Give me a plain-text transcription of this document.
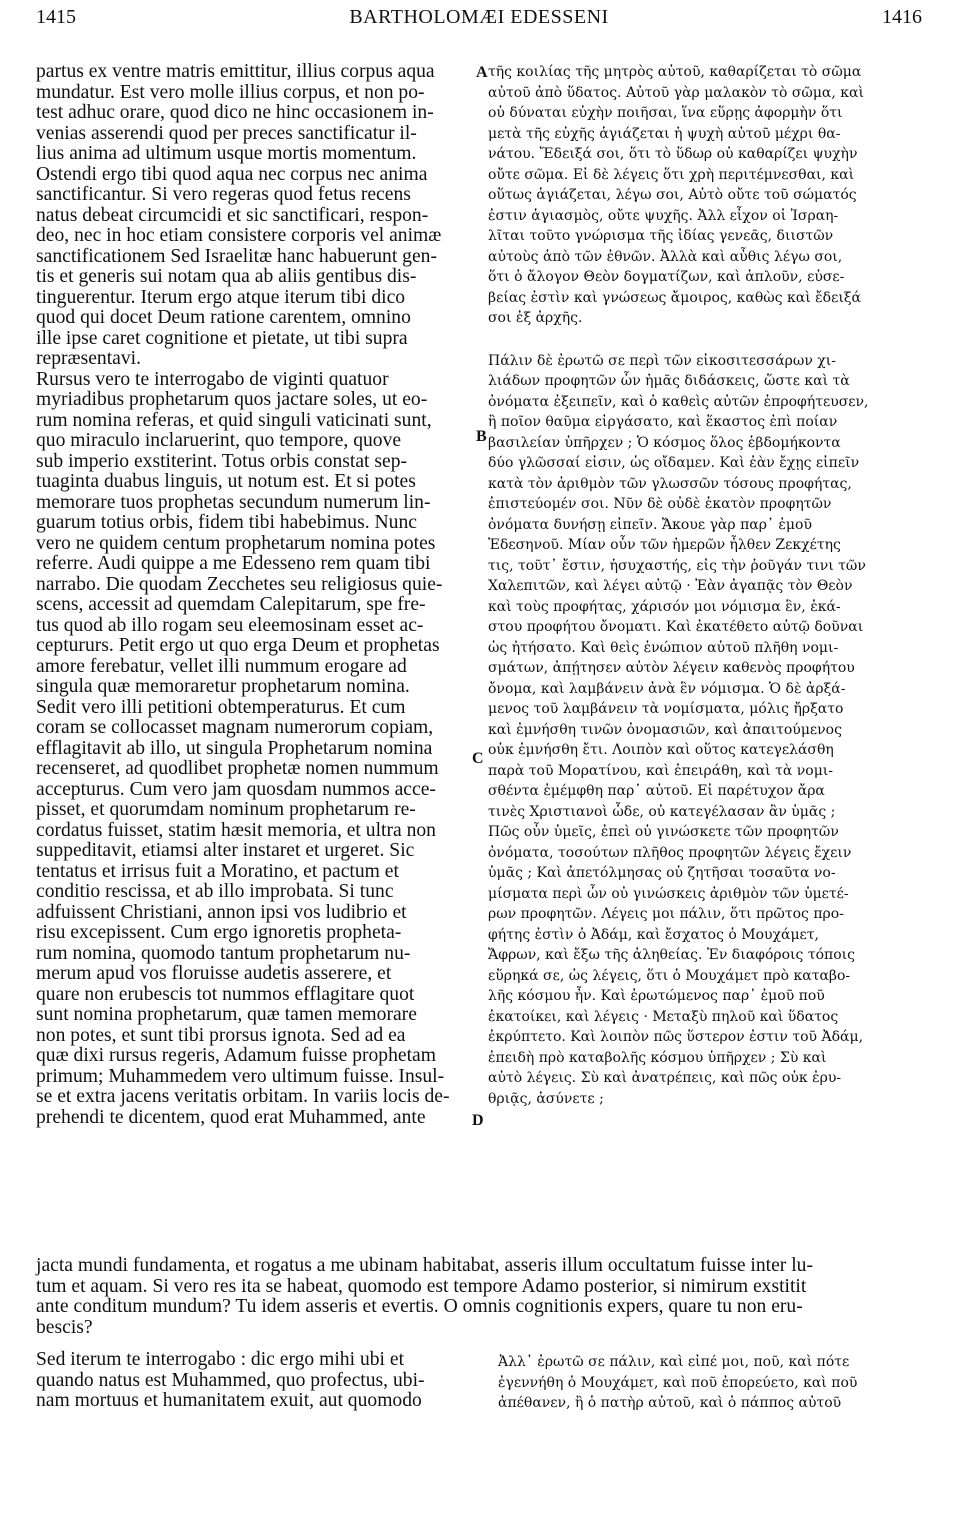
1415	BARTHOLOMÆI EDESSENI	1416

partus ex ventre matris emittitur, illius corpus aqua
mundatur. Est vero molle illius corpus, et non po-
test adhuc orare, quod dico ne hinc occasionem in-
venias asserendi quod per preces sanctificatur il-
lius anima ad ultimum usque mortis momentum.
Ostendi ergo tibi quod aqua nec corpus nec anima
sanctificantur. Si vero regeras quod fetus recens
natus debeat circumcidi et sic sanctificari, respon-
deo, nec in hoc etiam consistere corporis vel animæ
sanctificationem Sed Israelitæ hanc habuerunt gen-
tis et generis sui notam qua ab aliis gentibus dis-
tinguerentur. Iterum ergo atque iterum tibi dico
quod qui docet Deum ratione carentem, omnino
ille ipse caret cognitione et pietate, ut tibi supra
repræsentavi.

Rursus vero te interrogabo de viginti quatuor
myriadibus prophetarum quos jactare soles, ut eo-
rum nomina referas, et quid singuli vaticinati sunt,
quo miraculo inclaruerint, quo tempore, quove
sub imperio exstiterint. Totus orbis constat sep-
tuaginta duabus linguis, ut notum est. Et si potes
memorare tuos prophetas secundum numerum lin-
guarum totius orbis, fidem tibi habebimus. Nunc
vero ne quidem centum prophetarum nomina potes
referre. Audi quippe a me Edesseno rem quam tibi
narrabo. Die quodam Zecchetes seu religiosus quie-
scens, accessit ad quemdam Calepitarum, spe fre-
tus quod ab illo rogam seu eleemosinam esset ac-
ceptururs. Petit ergo ut quo erga Deum et prophetas
amore ferebatur, vellet illi nummum erogare ad
singula quæ memoraretur prophetarum nomina.
Sedit vero illi petitioni obtemperaturus. Et cum
coram se collocasset magnam numerorum copiam,
efflagitavit ab illo, ut singula Prophetarum nomina
recenseret, ad quodlibet prophetæ nomen nummum
accepturus. Cum vero jam quosdam nummos acce-
pisset, et quorumdam nominum prophetarum re-
cordatus fuisset, statim hæsit memoria, et ultra non
suppeditavit, etiamsi alter instaret et urgeret. Sic
tentatus et irrisus fuit a Moratino, et pactum et
conditio rescissa, et ab illo improbata. Si tunc
adfuissent Christiani, annon ipsi vos ludibrio et
risu excepissent. Cum ergo ignoretis propheta-
rum nomina, quomodo tantum prophetarum nu-
merum apud vos floruisse audetis asserere, et
quare non erubescis tot nummos efflagitare quot
sunt nomina prophetarum, quæ tamen memorare
non potes, et sunt tibi prorsus ignota. Sed ad ea
quæ dixi rursus regeris, Adamum fuisse prophetam
primum; Muhammedem vero ultimum fuisse. Insul-
se et extra jacens veritatis orbitam. In variis locis de-
prehendi te dicentem, quod erat Muhammed, ante

τῆς κοιλίας τῆς μητρὸς αὐτοῦ, καθαρίζεται τὸ σῶμα
αὐτοῦ ἀπὸ ὕδατος. Αὐτοῦ γὰρ μαλακὸν τὸ σῶμα, καὶ
οὐ δύναται εὐχὴν ποιῆσαι, ἵνα εὕρῃς ἀφορμὴν ὅτι
μετὰ τῆς εὐχῆς ἁγιάζεται ἡ ψυχὴ αὐτοῦ μέχρι θα-
νάτου. Ἔδειξά σοι, ὅτι τὸ ὕδωρ οὐ καθαρίζει ψυχὴν
οὔτε σῶμα. Εἰ δὲ λέγεις ὅτι χρὴ περιτέμνεσθαι, καὶ
οὕτως ἁγιάζεται, λέγω σοι, Αὐτὸ οὔτε τοῦ σώματός
ἐστιν ἁγιασμὸς, οὔτε ψυχῆς. Ἀλλ εἶχον οἱ Ἰσραη-
λῖται τοῦτο γνώρισμα τῆς ἰδίας γενεᾶς, διιστῶν
αὐτοὺς ἀπὸ τῶν ἐθνῶν. Ἀλλὰ καὶ αὖθις λέγω σοι,
ὅτι ὁ ἄλογον Θεὸν δογματίζων, καὶ ἁπλοῦν, εὐσε-
βείας ἐστὶν καὶ γνώσεως ἄμοιρος, καθὼς καὶ ἔδειξά
σοι ἐξ ἀρχῆς.

Πάλιν δὲ ἐρωτῶ σε περὶ τῶν εἰκοσιτεσσάρων χι-
λιάδων προφητῶν ὧν ἡμᾶς διδάσκεις, ὥστε καὶ τὰ
ὀνόματα ἐξειπεῖν, καὶ ὁ καθεὶς αὐτῶν ἐπροφήτευσεν,
ἢ ποῖον θαῦμα εἰργάσατο, καὶ ἕκαστος ἐπὶ ποίαν
βασιλείαν ὑπῆρχεν ; Ὁ κόσμος ὅλος ἑβδομήκοντα
δύο γλῶσσαί εἰσιν, ὡς οἴδαμεν. Καὶ ἐὰν ἔχῃς εἰπεῖν
κατὰ τὸν ἀριθμὸν τῶν γλωσσῶν τόσους προφήτας,
ἐπιστεύομέν σοι. Νῦν δὲ οὐδὲ ἑκατὸν προφητῶν
ὀνόματα δυνήσῃ εἰπεῖν. Ἄκουε γὰρ παρ᾽ ἐμοῦ
Ἐδεσηνοῦ. Μίαν οὖν τῶν ἡμερῶν ἦλθεν Ζεκχέτης
τις, τοῦτ᾽ ἔστιν, ἡσυχαστής, εἰς τὴν ῥοῦγάν τινι τῶν
Χαλεπιτῶν, καὶ λέγει αὐτῷ · Ἐὰν ἀγαπᾷς τὸν Θεὸν
καὶ τοὺς προφήτας, χάρισόν μοι νόμισμα ἓν, ἑκά-
στου προφήτου ὄνοματι. Καὶ ἐκατέθετο αὐτῷ δοῦναι
ὡς ἠτήσατο. Καὶ θεὶς ἐνώπιον αὐτοῦ πλῆθη νομι-
σμάτων, ἀπῄτησεν αὐτὸν λέγειν καθενὸς προφήτου
ὄνομα, καὶ λαμβάνειν ἀνὰ ἓν νόμισμα. Ὁ δὲ ἀρξά-
μενος τοῦ λαμβάνειν τὰ νομίσματα, μόλις ἤρξατο
καὶ ἐμνήσθη τινῶν ὀνομασιῶν, καὶ ἀπαιτούμενος
οὐκ ἐμνήσθη ἔτι. Λοιπὸν καὶ οὕτος κατεγελάσθη
παρὰ τοῦ Μορατίνου, καὶ ἐπειράθη, καὶ τὰ νομι-
σθέντα ἐμέμφθη παρ᾽ αὐτοῦ. Εἰ παρέτυχον ἄρα
τινὲς Χριστιανοὶ ὧδε, οὐ κατεγέλασαν ἂν ὑμᾶς ;
Πῶς οὖν ὑμεῖς, ἐπεὶ οὐ γινώσκετε τῶν προφητῶν
ὀνόματα, τοσούτων πλῆθος προφητῶν λέγεις ἔχειν
ὑμᾶς ; Καὶ ἀπετόλμησας οὐ ζητῆσαι τοσαῦτα νο-
μίσματα περὶ ὧν οὐ γινώσκεις ἀριθμὸν τῶν ὑμετέ-
ρων προφητῶν. Λέγεις μοι πάλιν, ὅτι πρῶτος προ-
φήτης ἐστὶν ὁ Ἀδάμ, καὶ ἔσχατος ὁ Μουχάμετ,
Ἄφρων, καὶ ἔξω τῆς ἀληθείας. Ἐν διαφόροις τόποις
εὕρηκά σε, ὡς λέγεις, ὅτι ὁ Μουχάμετ πρὸ καταβο-
λῆς κόσμου ἦν. Καὶ ἐρωτώμενος παρ᾽ ἐμοῦ ποῦ
ἐκατοίκει, καὶ λέγεις · Μεταξὺ πηλοῦ καὶ ὕδατος
ἐκρύπτετο. Καὶ λοιπὸν πῶς ὕστερον ἐστιν τοῦ Ἀδάμ,
ἐπειδὴ πρὸ καταβολῆς κόσμου ὑπῆρχεν ; Σὺ καὶ
αὐτὸ λέγεις. Σὺ καὶ ἀνατρέπεις, καὶ πῶς οὐκ ἐρυ-
θριᾷς, ἀσύνετε ;

A
B
C
D

jacta mundi fundamenta, et rogatus a me ubinam habitabat, asseris illum occultatum fuisse inter lu-
tum et aquam. Si vero res ita se habeat, quomodo est tempore Adamo posterior, si nimirum exstitit
ante conditum mundum? Tu idem asseris et evertis. O omnis cognitionis expers, quare tu non eru-
bescis?

Sed iterum te interrogabo : dic ergo mihi ubi et
quando natus est Muhammed, quo profectus, ubi-
nam mortuus et humanitatem exuit, aut quomodo

Ἀλλ᾽ ἐρωτῶ σε πάλιν, καὶ εἰπέ μοι, ποῦ, καὶ πότε
ἐγεννήθη ὁ Μουχάμετ, καὶ ποῦ ἐπορεύετο, καὶ ποῦ
ἀπέθανεν, ἢ ὁ πατὴρ αὐτοῦ, καὶ ὁ πάππος αὐτοῦ
